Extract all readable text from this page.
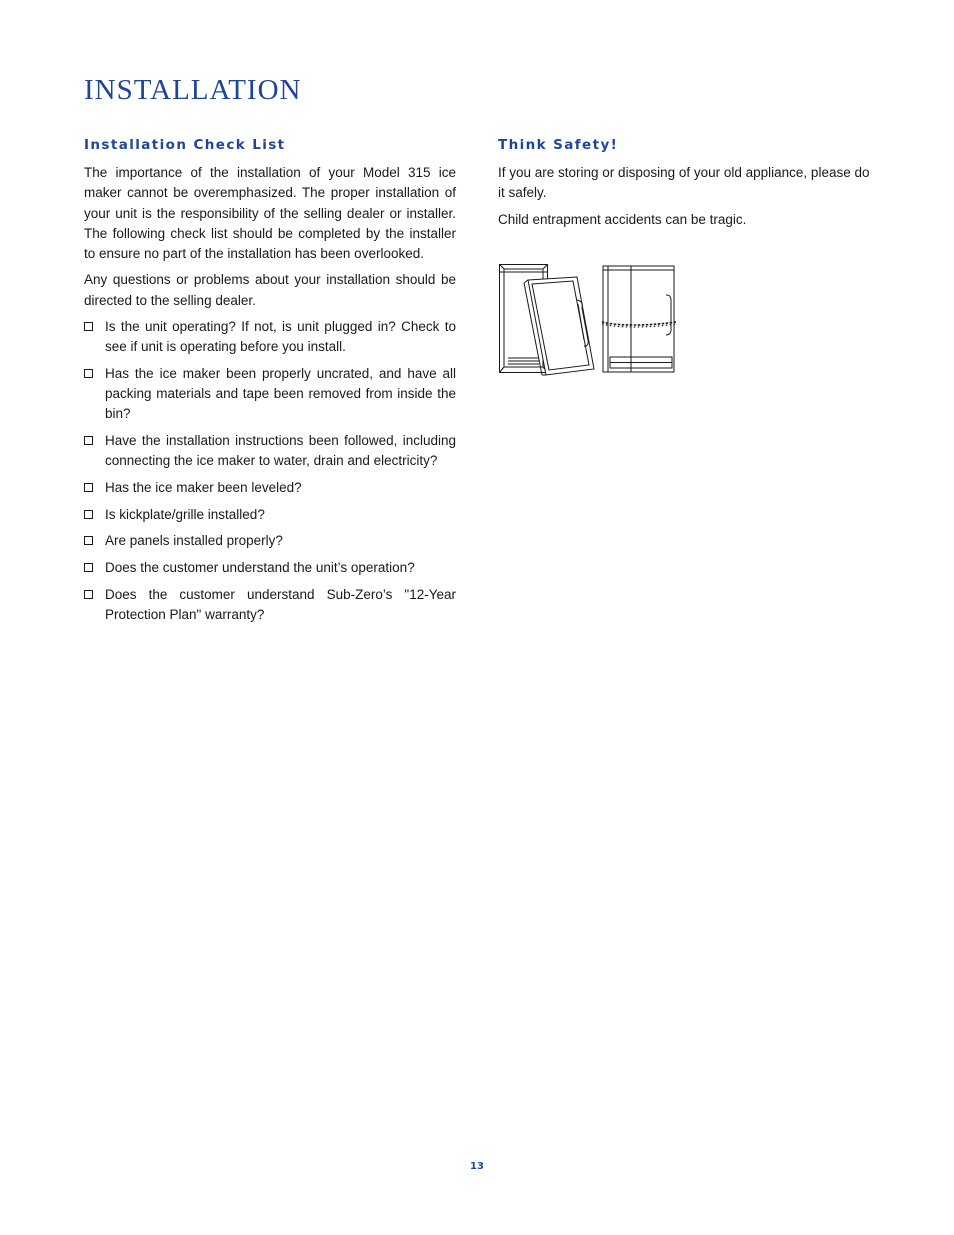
INSTALLATION
Installation Check List

The importance of the installation of your Model 315 ice maker cannot be overemphasized. The proper installation of your unit is the responsibility of the selling dealer or installer. The following check list should be completed by the installer to ensure no part of the installation has been overlooked.

Any questions or problems about your installation should be directed to the selling dealer.

Is the unit operating? If not, is unit plugged in? Check to see if unit is operating before you install.
Has the ice maker been properly uncrated, and have all packing materials and tape been removed from inside the bin?
Have the installation instructions been followed, including connecting the ice maker to water, drain and electricity?
Has the ice maker been leveled?
Is kickplate/grille installed?
Are panels installed properly?
Does the customer understand the unit’s operation?
Does the customer understand Sub-Zero’s "12-Year Protection Plan" warranty?
Think Safety!

If you are storing or disposing of your old appliance, please do it safely.

Child entrapment accidents can be tragic.

13
